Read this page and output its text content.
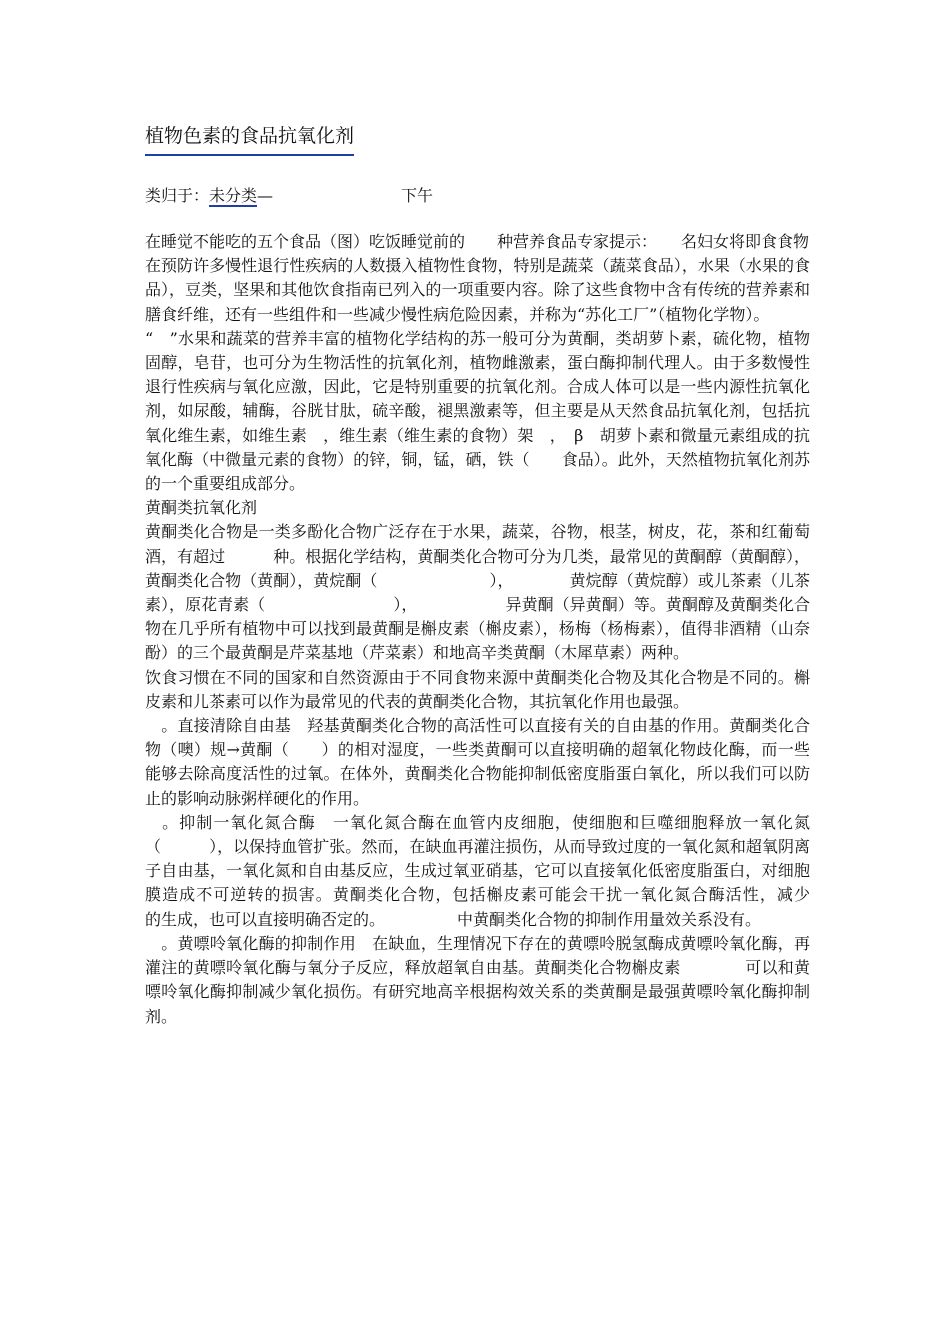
植物色素的食品抗氧化剂
类归于：未分类—　　　　　　　　下午　　　　　

在睡觉不能吃的五个食品（图）吃饭睡觉前的　　种营养食品专家提示：　　名妇女将即食食物

在预防许多慢性退行性疾病的人数摄入植物性食物，特别是蔬菜（蔬菜食品），水果（水果的食品），豆类，坚果和其他饮食指南已列入的一项重要内容。除了这些食物中含有传统的营养素和膳食纤维，还有一些组件和一些减少慢性病危险因素，并称为“苏化工厂”（植物化学物）。

“　”水果和蔬菜的营养丰富的植物化学结构的苏一般可分为黄酮，类胡萝卜素，硫化物，植物固醇，皂苷，也可分为生物活性的抗氧化剂，植物雌激素，蛋白酶抑制代理人。由于多数慢性退行性疾病与氧化应激，因此，它是特别重要的抗氧化剂。合成人体可以是一些内源性抗氧化剂，如尿酸，辅酶，谷胱甘肽，硫辛酸，褪黑激素等，但主要是从天然食品抗氧化剂，包括抗氧化维生素，如维生素　，维生素（维生素的食物）架　，　β　胡萝卜素和微量元素组成的抗氧化酶（中微量元素的食物）的锌，铜，锰，硒，铁（　　食品）。此外，天然植物抗氧化剂苏的一个重要组成部分。

黄酮类抗氧化剂

黄酮类化合物是一类多酚化合物广泛存在于水果，蔬菜，谷物，根茎，树皮，花，茶和红葡萄酒，有超过　　　种。根据化学结构，黄酮类化合物可分为几类，最常见的黄酮醇（黄酮醇），黄酮类化合物（黄酮），黄烷酮（　　　　　　　），　　　　黄烷醇（黄烷醇）或儿茶素（儿茶素），原花青素（　　　　　　　　），　　　　　　异黄酮（异黄酮）等。黄酮醇及黄酮类化合物在几乎所有植物中可以找到最黄酮是槲皮素（槲皮素），杨梅（杨梅素），值得非酒精（山奈酚）的三个最黄酮是芹菜基地（芹菜素）和地高辛类黄酮（木犀草素）两种。

饮食习惯在不同的国家和自然资源由于不同食物来源中黄酮类化合物及其化合物是不同的。槲皮素和儿茶素可以作为最常见的代表的黄酮类化合物，其抗氧化作用也最强。

　。直接清除自由基　羟基黄酮类化合物的高活性可以直接有关的自由基的作用。黄酮类化合物（噢）规→黄酮（　　）的相对湿度，一些类黄酮可以直接明确的超氧化物歧化酶，而一些能够去除高度活性的过氧。在体外，黄酮类化合物能抑制低密度脂蛋白氧化，所以我们可以防止的影响动脉粥样硬化的作用。

　。抑制一氧化氮合酶　一氧化氮合酶在血管内皮细胞，使细胞和巨噬细胞释放一氧化氮（　　　），以保持血管扩张。然而，在缺血再灌注损伤，从而导致过度的一氧化氮和超氧阴离子自由基，一氧化氮和自由基反应，生成过氧亚硝基，它可以直接氧化低密度脂蛋白，对细胞膜造成不可逆转的损害。黄酮类化合物，包括槲皮素可能会干扰一氧化氮合酶活性，减少　　的生成，也可以直接明确否定的。　　　　　中黄酮类化合物的抑制作用量效关系没有。

　。黄嘌呤氧化酶的抑制作用　在缺血，生理情况下存在的黄嘌呤脱氢酶成黄嘌呤氧化酶，再灌注的黄嘌呤氧化酶与氧分子反应，释放超氧自由基。黄酮类化合物槲皮素　　　　可以和黄嘌呤氧化酶抑制减少氧化损伤。有研究地高辛根据构效关系的类黄酮是最强黄嘌呤氧化酶抑制剂。
